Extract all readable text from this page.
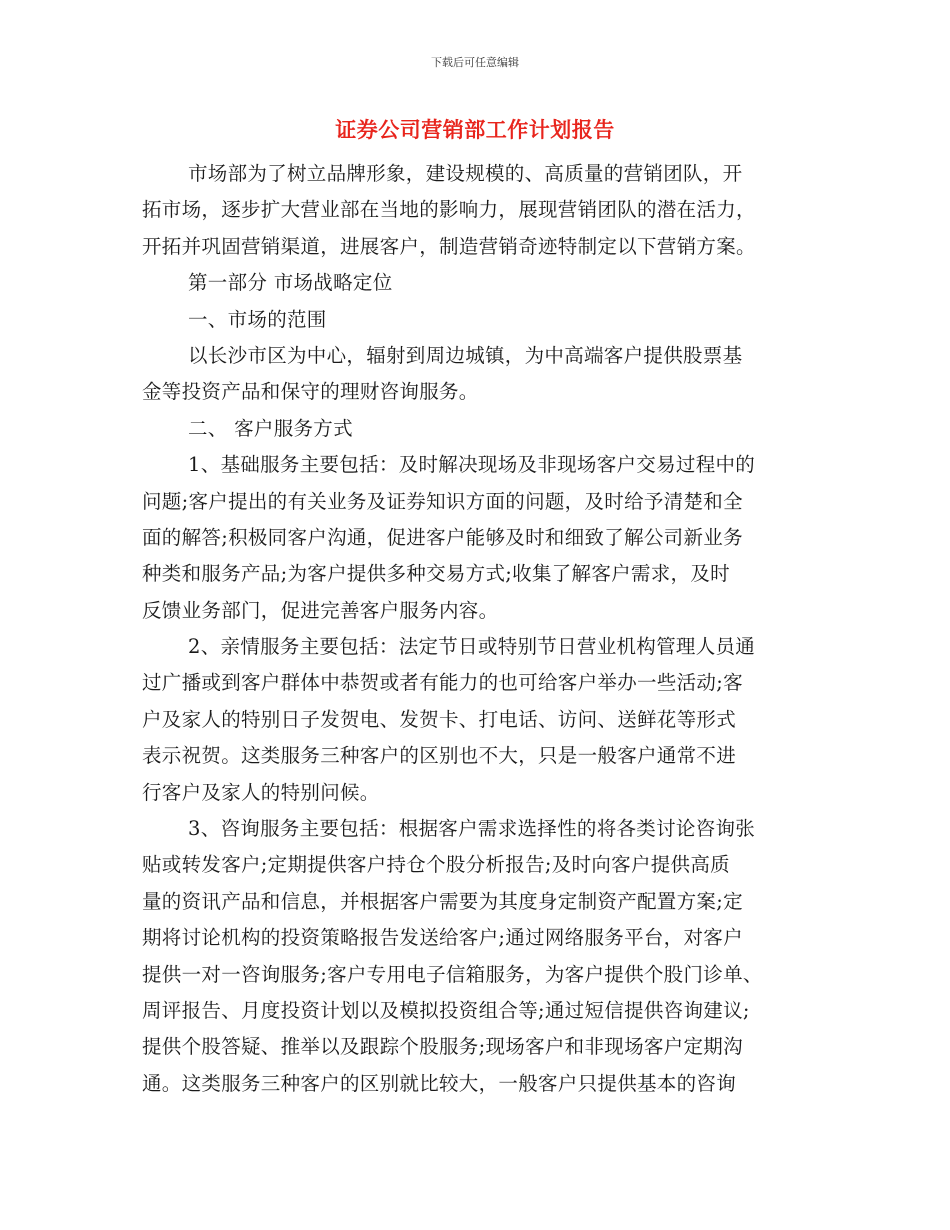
下载后可任意编辑
证券公司营销部工作计划报告
市场部为了树立品牌形象，建设规模的、高质量的营销团队，开
拓市场，逐步扩大营业部在当地的影响力，展现营销团队的潜在活力，
开拓并巩固营销渠道，进展客户，制造营销奇迹特制定以下营销方案。
第一部分 市场战略定位
一、市场的范围
以长沙市区为中心，辐射到周边城镇，为中高端客户提供股票基
金等投资产品和保守的理财咨询服务。
二、 客户服务方式
1、基础服务主要包括：及时解决现场及非现场客户交易过程中的
问题;客户提出的有关业务及证券知识方面的问题，及时给予清楚和全
面的解答;积极同客户沟通，促进客户能够及时和细致了解公司新业务
种类和服务产品;为客户提供多种交易方式;收集了解客户需求，及时
反馈业务部门，促进完善客户服务内容。
2、亲情服务主要包括：法定节日或特别节日营业机构管理人员通
过广播或到客户群体中恭贺或者有能力的也可给客户举办一些活动;客
户及家人的特别日子发贺电、发贺卡、打电话、访问、送鲜花等形式
表示祝贺。这类服务三种客户的区别也不大，只是一般客户通常不进
行客户及家人的特别问候。
3、咨询服务主要包括：根据客户需求选择性的将各类讨论咨询张
贴或转发客户;定期提供客户持仓个股分析报告;及时向客户提供高质
量的资讯产品和信息，并根据客户需要为其度身定制资产配置方案;定
期将讨论机构的投资策略报告发送给客户;通过网络服务平台，对客户
提供一对一咨询服务;客户专用电子信箱服务，为客户提供个股门诊单、
周评报告、月度投资计划以及模拟投资组合等;通过短信提供咨询建议;
提供个股答疑、推举以及跟踪个股服务;现场客户和非现场客户定期沟
通。这类服务三种客户的区别就比较大，一般客户只提供基本的咨询
